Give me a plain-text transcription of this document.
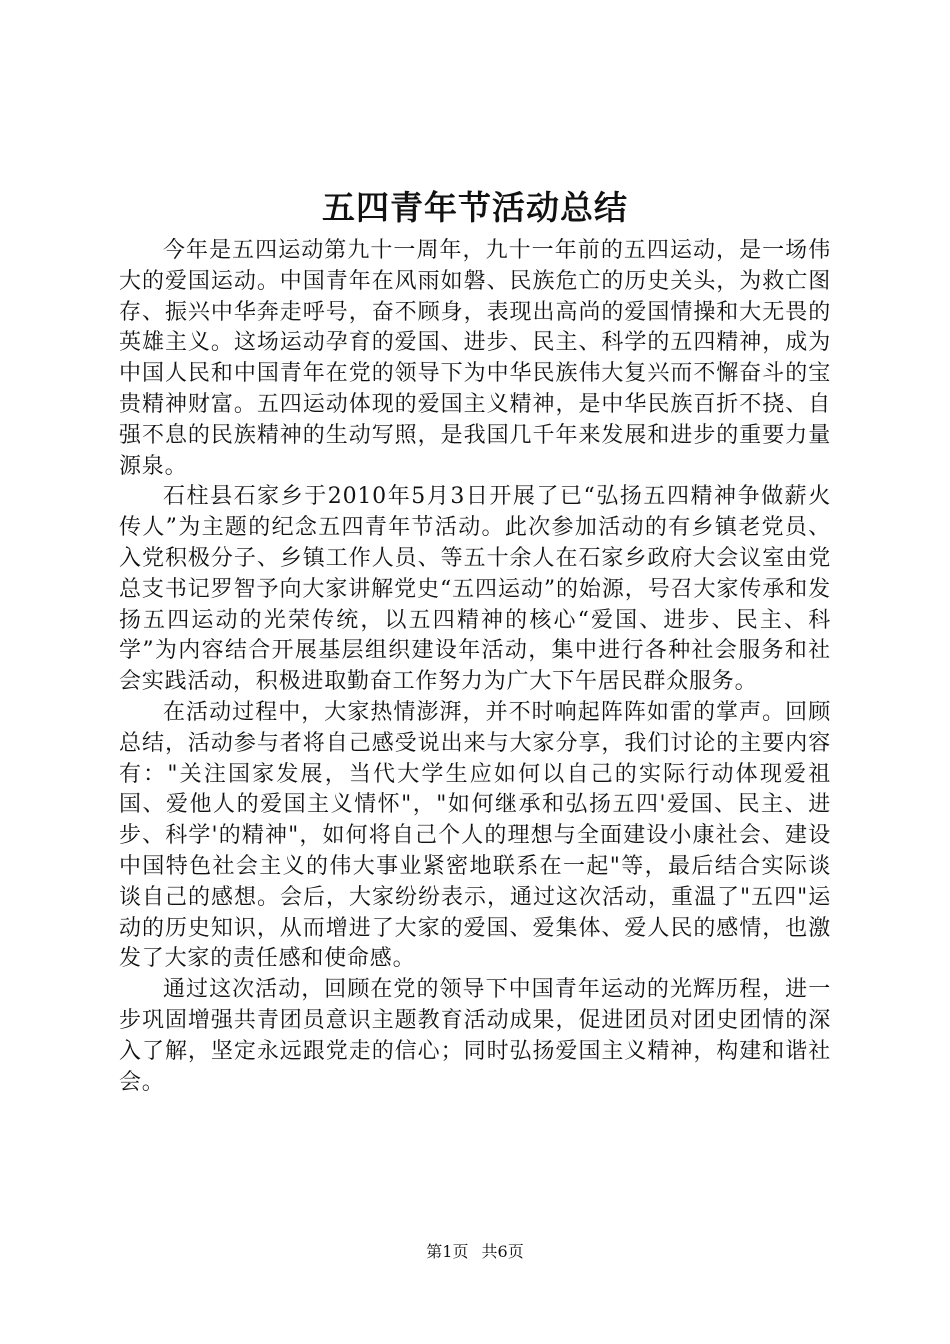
五四青年节活动总结

今年是五四运动第九十一周年，九十一年前的五四运动，是一场伟大的爱国运动。中国青年在风雨如磐、民族危亡的历史关头，为救亡图存、振兴中华奔走呼号，奋不顾身，表现出高尚的爱国情操和大无畏的英雄主义。这场运动孕育的爱国、进步、民主、科学的五四精神，成为中国人民和中国青年在党的领导下为中华民族伟大复兴而不懈奋斗的宝贵精神财富。五四运动体现的爱国主义精神，是中华民族百折不挠、自强不息的民族精神的生动写照，是我国几千年来发展和进步的重要力量源泉。

石柱县石家乡于2010年5月3日开展了已“弘扬五四精神争做薪火传人”为主题的纪念五四青年节活动。此次参加活动的有乡镇老党员、入党积极分子、乡镇工作人员、等五十余人在石家乡政府大会议室由党总支书记罗智予向大家讲解党史“五四运动”的始源，号召大家传承和发扬五四运动的光荣传统，以五四精神的核心“爱国、进步、民主、科学”为内容结合开展基层组织建设年活动，集中进行各种社会服务和社会实践活动，积极进取勤奋工作努力为广大下午居民群众服务。

在活动过程中，大家热情澎湃，并不时响起阵阵如雷的掌声。回顾总结，活动参与者将自己感受说出来与大家分享，我们讨论的主要内容有："关注国家发展，当代大学生应如何以自己的实际行动体现爱祖国、爱他人的爱国主义情怀"，"如何继承和弘扬五四'爱国、民主、进步、科学'的精神"，如何将自己个人的理想与全面建设小康社会、建设中国特色社会主义的伟大事业紧密地联系在一起"等，最后结合实际谈谈自己的感想。会后，大家纷纷表示，通过这次活动，重温了"五四"运动的历史知识，从而增进了大家的爱国、爱集体、爱人民的感情，也激发了大家的责任感和使命感。

通过这次活动，回顾在党的领导下中国青年运动的光辉历程，进一步巩固增强共青团员意识主题教育活动成果，促进团员对团史团情的深入了解，坚定永远跟党走的信心；同时弘扬爱国主义精神，构建和谐社会。

第1页 共6页
